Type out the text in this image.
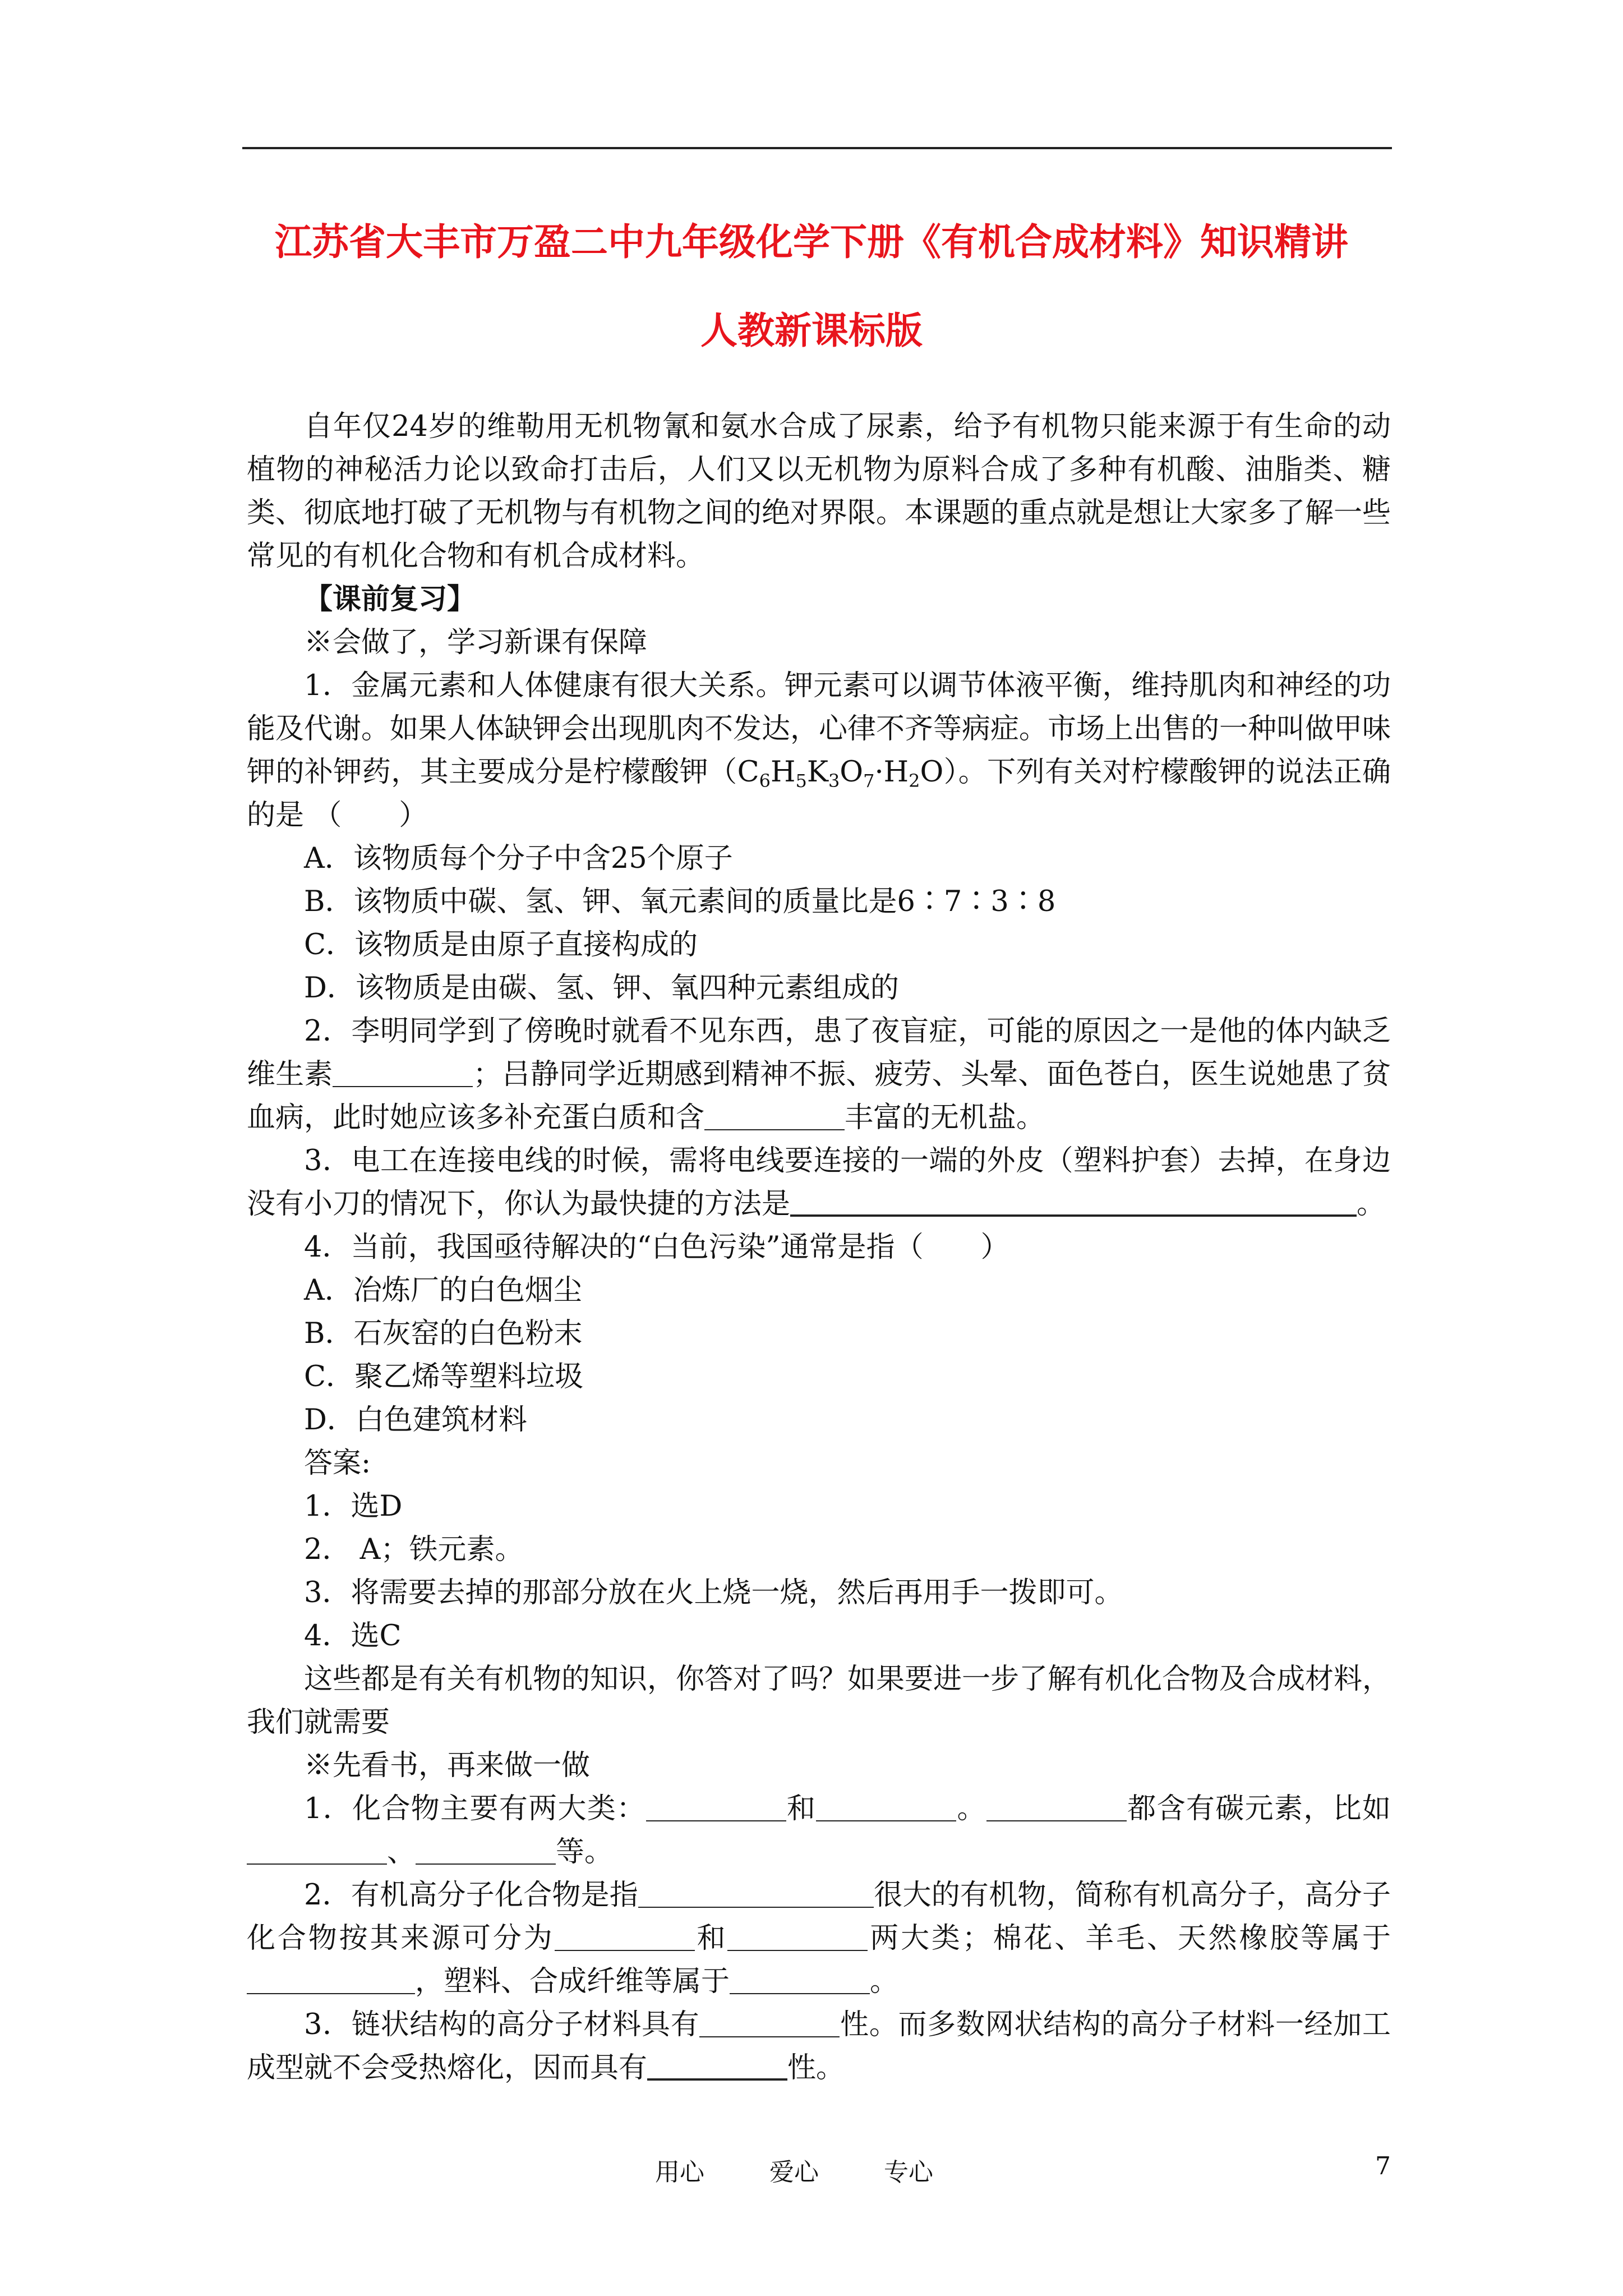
江苏省大丰市万盈二中九年级化学下册《有机合成材料》知识精讲
人教新课标版

自年仅24岁的维勒用无机物氰和氨水合成了尿素，给予有机物只能来源于有生命的动植物的神秘活力论以致命打击后，人们又以无机物为原料合成了多种有机酸、油脂类、糖类、彻底地打破了无机物与有机物之间的绝对界限。本课题的重点就是想让大家多了解一些常见的有机化合物和有机合成材料。

【课前复习】

※会做了，学习新课有保障

1．金属元素和人体健康有很大关系。钾元素可以调节体液平衡，维持肌肉和神经的功能及代谢。如果人体缺钾会出现肌肉不发达，心律不齐等病症。市场上出售的一种叫做甲味钾的补钾药，其主要成分是柠檬酸钾$(C_6H_5K_3O_7\cdot H_2O)$。下列有关对柠檬酸钾的说法正确的是 （　　）

A．该物质每个分子中含25个原子

B．该物质中碳、氢、钾、氧元素间的质量比是6∶7∶3∶8

C．该物质是由原子直接构成的

D．该物质是由碳、氢、钾、氧四种元素组成的

2．李明同学到了傍晚时就看不见东西，患了夜盲症，可能的原因之一是他的体内缺乏维生素	；吕静同学近期感到精神不振、疲劳、头晕、面色苍白，医生说她患了贫血病，此时她应该多补充蛋白质和含	丰富的无机盐。

3．电工在连接电线的时候，需将电线要连接的一端的外皮（塑料护套）去掉，在身边没有小刀的情况下，你认为最快捷的方法是	。

4．当前，我国亟待解决的“白色污染”通常是指（　　）

A．冶炼厂的白色烟尘

B．石灰窑的白色粉末

C．聚乙烯等塑料垃圾

D．白色建筑材料

答案:

1．选D

2． A；铁元素。

3．将需要去掉的那部分放在火上烧一烧，然后再用手一拨即可。

4．选C

这些都是有关有机物的知识，你答对了吗？如果要进一步了解有机化合物及合成材料，我们就需要

※先看书，再来做一做

1．化合物主要有两大类：	和	。	都含有碳元素，比如、	等。

2．有机高分子化合物是指	很大的有机物，简称有机高分子，高分子化合物按其来源可分为	和	两大类；棉花、羊毛、天然橡胶等属于，塑料、合成纤维等属于	。

3．链状结构的高分子材料具有	性。而多数网状结构的高分子材料一经加工成型就不会受热熔化，因而具有	性。

用心	爱心	专心	7
